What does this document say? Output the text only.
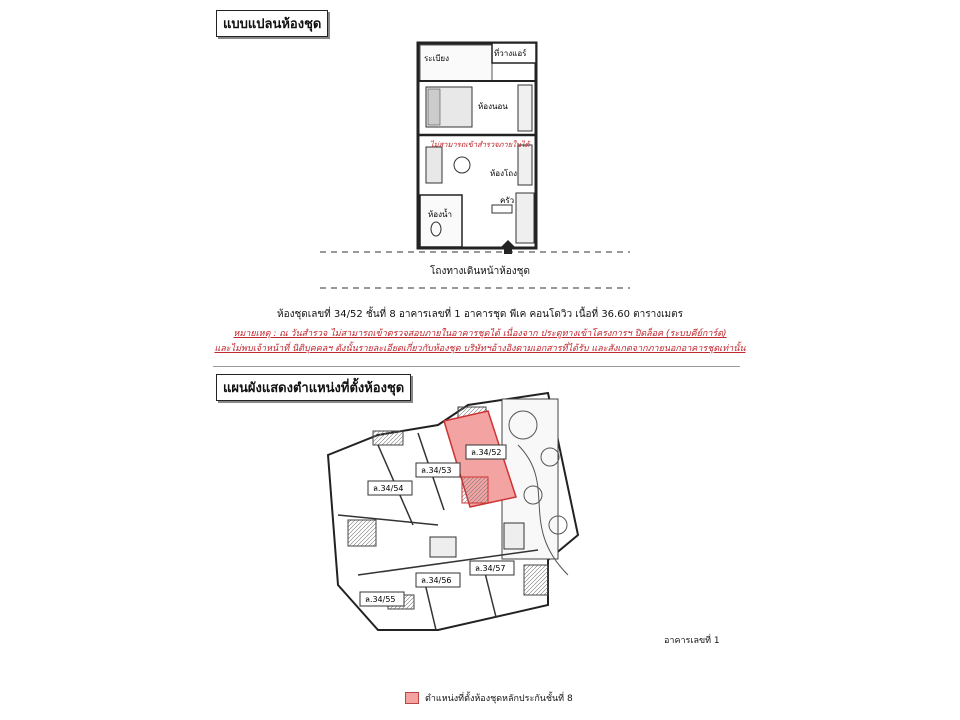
แบบแปลนห้องชุด
ระเบียง
ที่วางแอร์
ห้องนอน
ไม่สามารถเข้าสำรวจภายในได้
ห้องโถง
ครัว
ห้องน้ำ
โถงทางเดินหน้าห้องชุด
ห้องชุดเลขที่ 34/52 ชั้นที่ 8 อาคารเลขที่ 1 อาคารชุด พีเค คอนโดวิว เนื้อที่ 36.60 ตารางเมตร
หมายเหตุ : ณ วันสำรวจ ไม่สามารถเข้าตรวจสอบภายในอาคารชุดได้ เนื่องจาก ประตูทางเข้าโครงการฯ ปิดล็อค (ระบบคีย์การ์ด)
และไม่พบเจ้าหน้าที่ นิติบุคคลฯ ดังนั้นรายละเอียดเกี่ยวกับห้องชุด บริษัทฯอ้างอิงตามเอกสารที่ได้รับ และสังเกตจากภายนอกอาคารชุดเท่านั้น
แผนผังแสดงตำแหน่งที่ตั้งห้องชุด
ล.34/52
ล.34/53
ล.34/54
ล.34/55
ล.34/56
ล.34/57
อาคารเลขที่ 1
ตำแหน่งที่ตั้งห้องชุดหลักประกันชั้นที่ 8
